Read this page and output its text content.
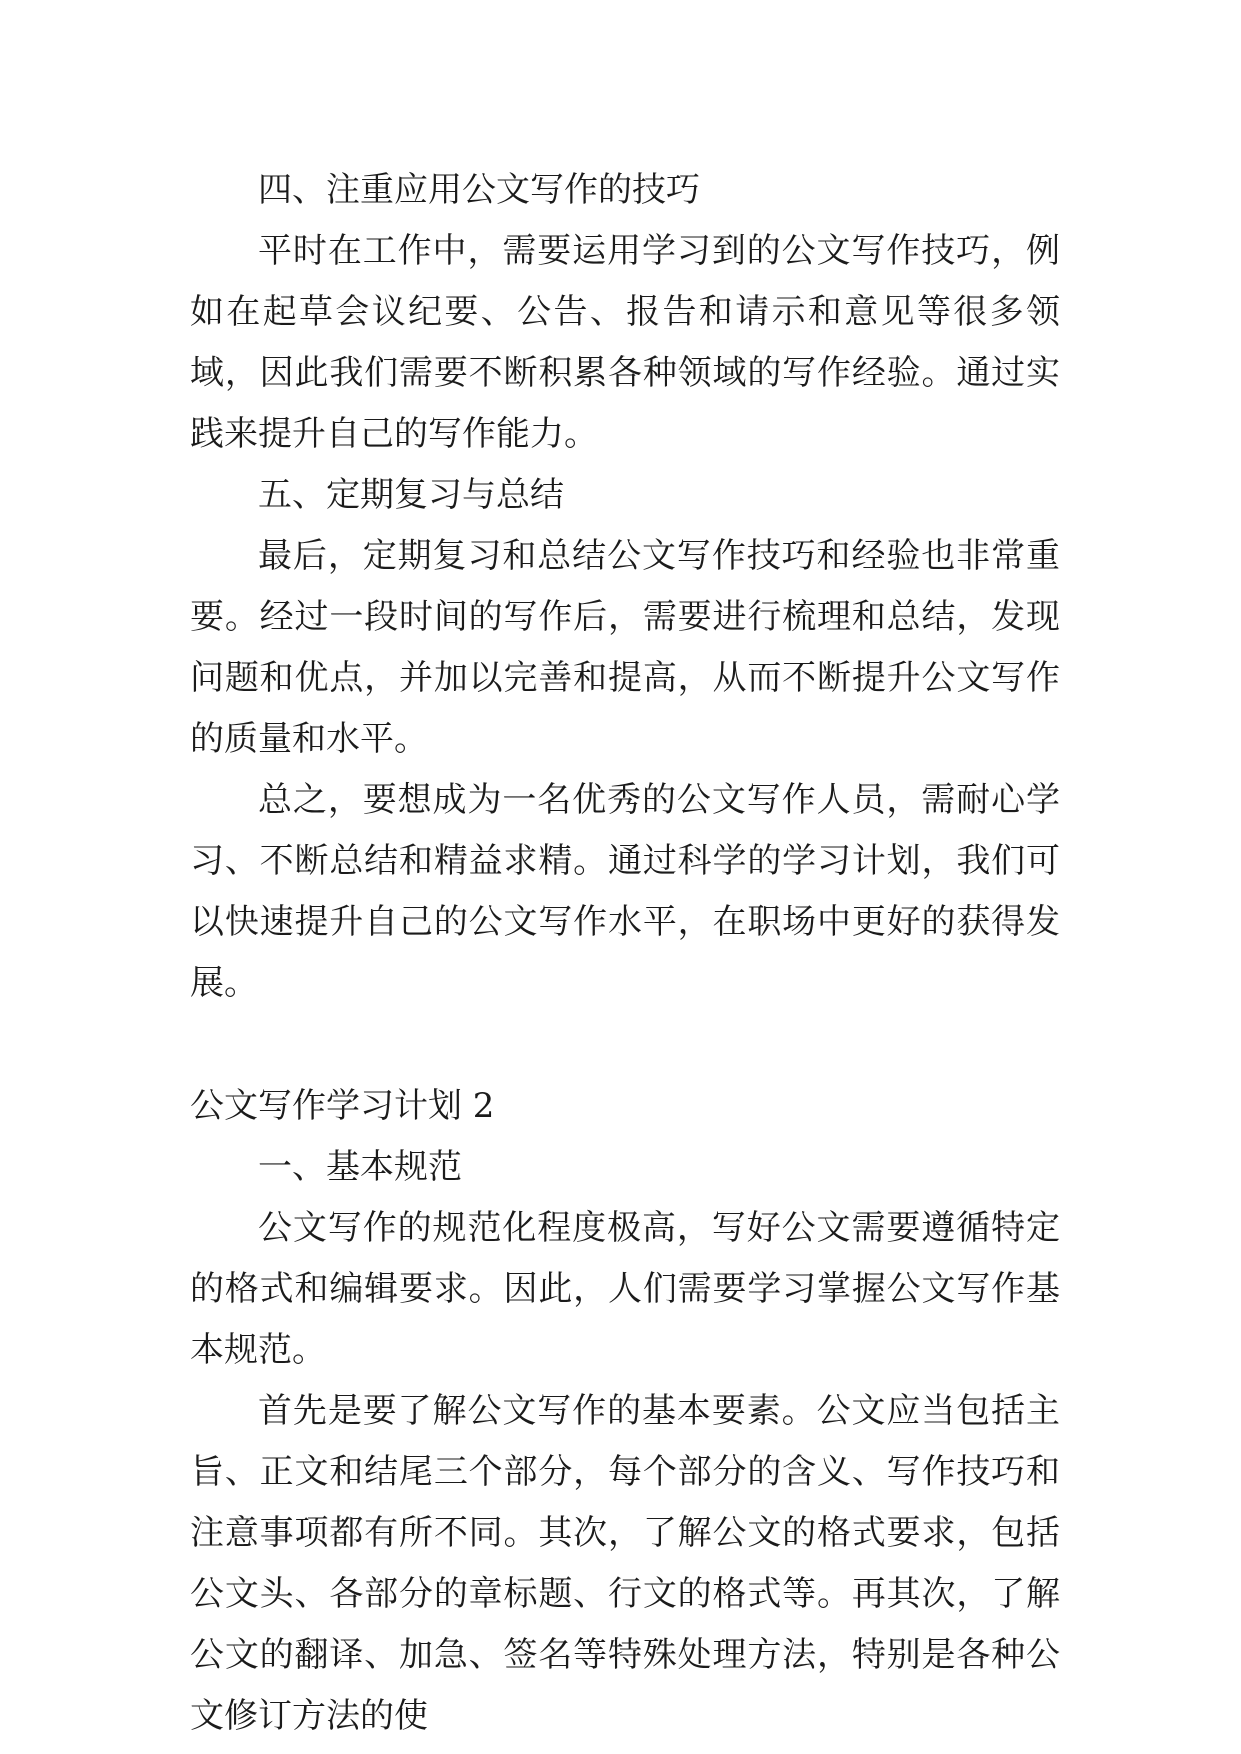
四、注重应用公文写作的技巧

平时在工作中，需要运用学习到的公文写作技巧，例如在起草会议纪要、公告、报告和请示和意见等很多领域，因此我们需要不断积累各种领域的写作经验。通过实践来提升自己的写作能力。

五、定期复习与总结

最后，定期复习和总结公文写作技巧和经验也非常重要。经过一段时间的写作后，需要进行梳理和总结，发现问题和优点，并加以完善和提高，从而不断提升公文写作的质量和水平。

总之，要想成为一名优秀的公文写作人员，需耐心学习、不断总结和精益求精。通过科学的学习计划，我们可以快速提升自己的公文写作水平，在职场中更好的获得发展。

公文写作学习计划 2

一、基本规范

公文写作的规范化程度极高，写好公文需要遵循特定的格式和编辑要求。因此，人们需要学习掌握公文写作基本规范。

首先是要了解公文写作的基本要素。公文应当包括主旨、正文和结尾三个部分，每个部分的含义、写作技巧和注意事项都有所不同。其次，了解公文的格式要求，包括公文头、各部分的章标题、行文的格式等。再其次，了解公文的翻译、加急、签名等特殊处理方法，特别是各种公文修订方法的使
